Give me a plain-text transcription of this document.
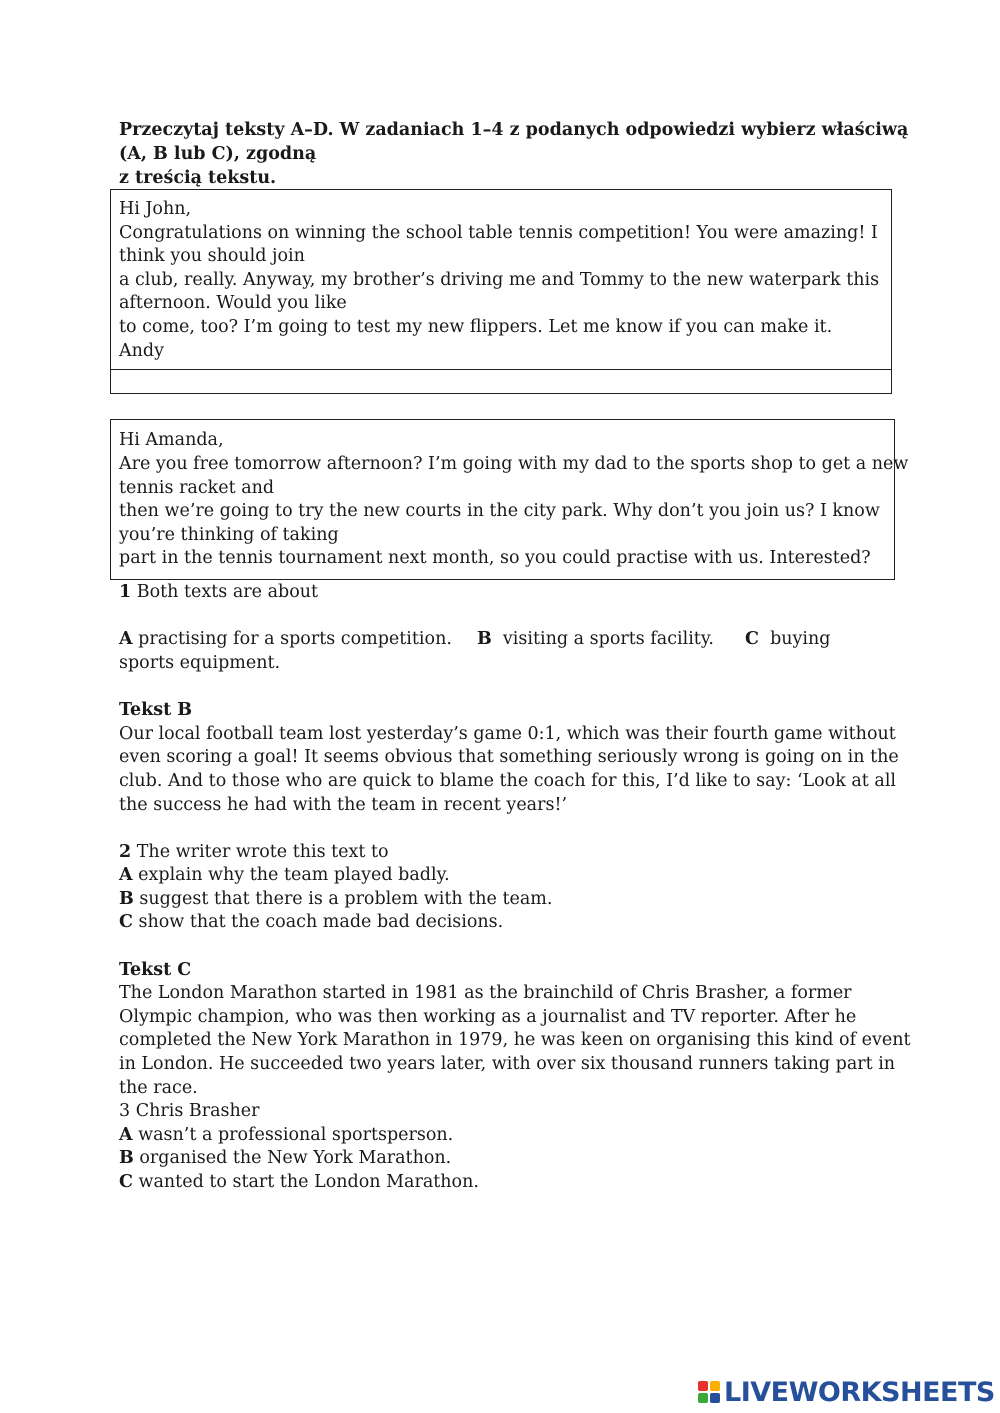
Przeczytaj teksty A–D. W zadaniach 1–4 z podanych odpowiedzi wybierz właściwą
(A, B lub C), zgodną
z treścią tekstu.
Hi John,
Congratulations on winning the school table tennis competition! You were amazing! I
think you should join
a club, really. Anyway, my brother’s driving me and Tommy to the new waterpark this
afternoon. Would you like
to come, too? I’m going to test my new flippers. Let me know if you can make it.
Andy
Hi Amanda,
Are you free tomorrow afternoon? I’m going with my dad to the sports shop to get a new
tennis racket and
then we’re going to try the new courts in the city park. Why don’t you join us? I know
you’re thinking of taking
part in the tennis tournament next month, so you could practise with us. Interested?
1 Both texts are about
A practising for a sports competition. B  visiting a sports facility. C  buying
sports equipment.
Tekst B
Our local football team lost yesterday’s game 0:1, which was their fourth game without
even scoring a goal! It seems obvious that something seriously wrong is going on in the
club. And to those who are quick to blame the coach for this, I’d like to say: ‘Look at all
the success he had with the team in recent years!’
2 The writer wrote this text to
A explain why the team played badly.
B suggest that there is a problem with the team.
C show that the coach made bad decisions.
Tekst C
The London Marathon started in 1981 as the brainchild of Chris Brasher, a former
Olympic champion, who was then working as a journalist and TV reporter. After he
completed the New York Marathon in 1979, he was keen on organising this kind of event
in London. He succeeded two years later, with over six thousand runners taking part in
the race.
3 Chris Brasher
A wasn’t a professional sportsperson.
B organised the New York Marathon.
C wanted to start the London Marathon.
LIVEWORKSHEETS
